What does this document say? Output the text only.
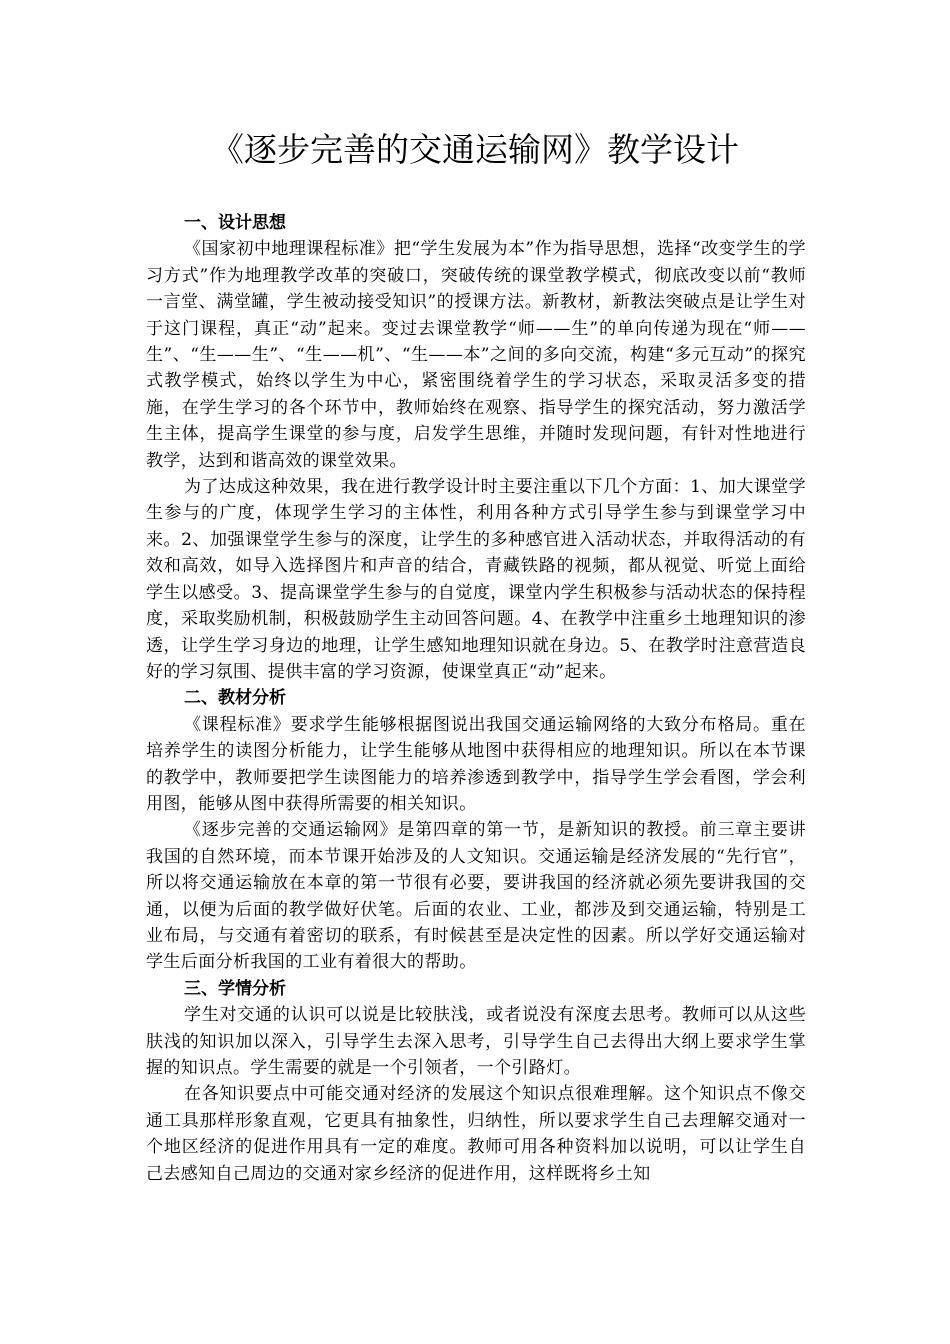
《逐步完善的交通运输网》教学设计

一、设计思想

《国家初中地理课程标准》把“学生发展为本”作为指导思想，选择“改变学生的学习方式”作为地理教学改革的突破口，突破传统的课堂教学模式，彻底改变以前“教师一言堂、满堂罐，学生被动接受知识”的授课方法。新教材，新教法突破点是让学生对于这门课程，真正“动”起来。变过去课堂教学“师——生”的单向传递为现在“师——生”、“生——生”、“生——机”、“生——本”之间的多向交流，构建“多元互动”的探究式教学模式，始终以学生为中心，紧密围绕着学生的学习状态，采取灵活多变的措施，在学生学习的各个环节中，教师始终在观察、指导学生的探究活动，努力激活学生主体，提高学生课堂的参与度，启发学生思维，并随时发现问题，有针对性地进行教学，达到和谐高效的课堂效果。

为了达成这种效果，我在进行教学设计时主要注重以下几个方面：1、加大课堂学生参与的广度，体现学生学习的主体性，利用各种方式引导学生参与到课堂学习中来。2、加强课堂学生参与的深度，让学生的多种感官进入活动状态，并取得活动的有效和高效，如导入选择图片和声音的结合，青藏铁路的视频，都从视觉、听觉上面给学生以感受。3、提高课堂学生参与的自觉度，课堂内学生积极参与活动状态的保持程度，采取奖励机制，积极鼓励学生主动回答问题。4、在教学中注重乡土地理知识的渗透，让学生学习身边的地理，让学生感知地理知识就在身边。5、在教学时注意营造良好的学习氛围、提供丰富的学习资源，使课堂真正“动”起来。

二、教材分析

《课程标准》要求学生能够根据图说出我国交通运输网络的大致分布格局。重在培养学生的读图分析能力，让学生能够从地图中获得相应的地理知识。所以在本节课的教学中，教师要把学生读图能力的培养渗透到教学中，指导学生学会看图，学会利用图，能够从图中获得所需要的相关知识。

《逐步完善的交通运输网》是第四章的第一节，是新知识的教授。前三章主要讲我国的自然环境，而本节课开始涉及的人文知识。交通运输是经济发展的“先行官”，所以将交通运输放在本章的第一节很有必要，要讲我国的经济就必须先要讲我国的交通，以便为后面的教学做好伏笔。后面的农业、工业，都涉及到交通运输，特别是工业布局，与交通有着密切的联系，有时候甚至是决定性的因素。所以学好交通运输对学生后面分析我国的工业有着很大的帮助。

三、学情分析

学生对交通的认识可以说是比较肤浅，或者说没有深度去思考。教师可以从这些肤浅的知识加以深入，引导学生去深入思考，引导学生自己去得出大纲上要求学生掌握的知识点。学生需要的就是一个引领者，一个引路灯。

在各知识要点中可能交通对经济的发展这个知识点很难理解。这个知识点不像交通工具那样形象直观，它更具有抽象性，归纳性，所以要求学生自己去理解交通对一个地区经济的促进作用具有一定的难度。教师可用各种资料加以说明，可以让学生自己去感知自己周边的交通对家乡经济的促进作用，这样既将乡土知
